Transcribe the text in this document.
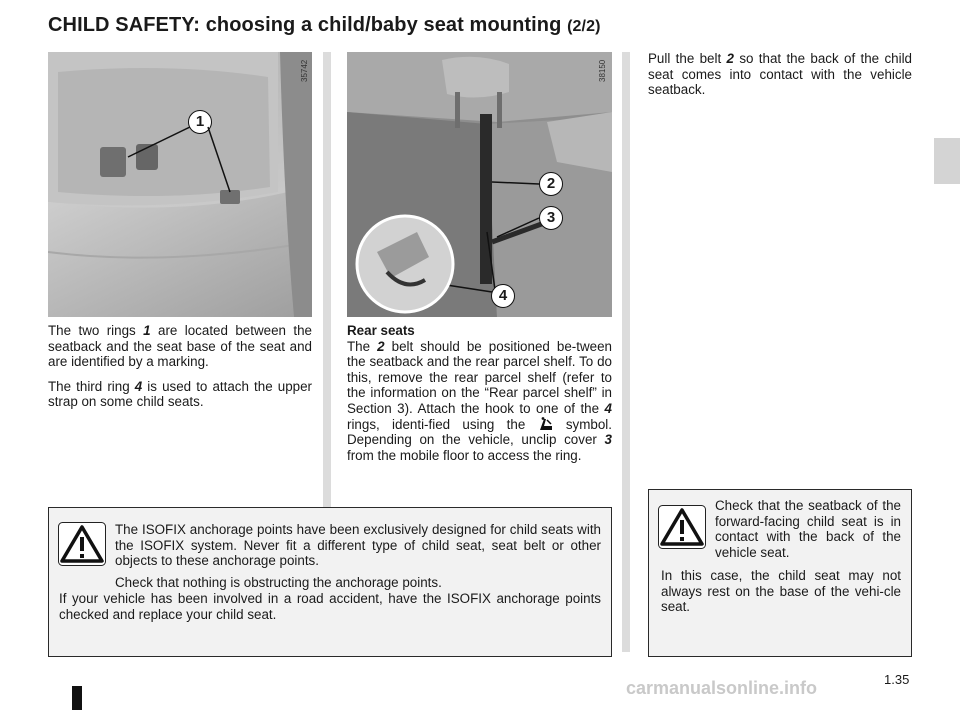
CHILD SAFETY: choosing a child/baby seat mounting (2/2)
1
35742
2
3
4
38150

The two rings 1 are located between the seatback and the seat base of the seat and are identified by a marking.

The third ring 4 is used to attach the upper strap on some child seats.

Rear seats

The 2 belt should be positioned be-tween the seatback and the rear parcel shelf. To do this, remove the rear parcel shelf (refer to the information on the “Rear parcel shelf” in Section 3). Attach the hook to one of the 4 rings, identi-fied using the  symbol. Depending on the vehicle, unclip cover 3 from the mobile floor to access the ring.

Pull the belt 2 so that the back of the child seat comes into contact with the vehicle seatback.

The ISOFIX anchorage points have been exclusively designed for child seats with the ISOFIX system. Never fit a different type of child seat, seat belt or other objects to these anchorage points.
Check that nothing is obstructing the anchorage points.
If your vehicle has been involved in a road accident, have the ISOFIX anchorage points checked and replace your child seat.
Check that the seatback of the forward-facing child seat is in contact with the back of the vehicle seat.
In this case, the child seat may not always rest on the base of the vehi-cle seat.
1.35
carmanualsonline.info
